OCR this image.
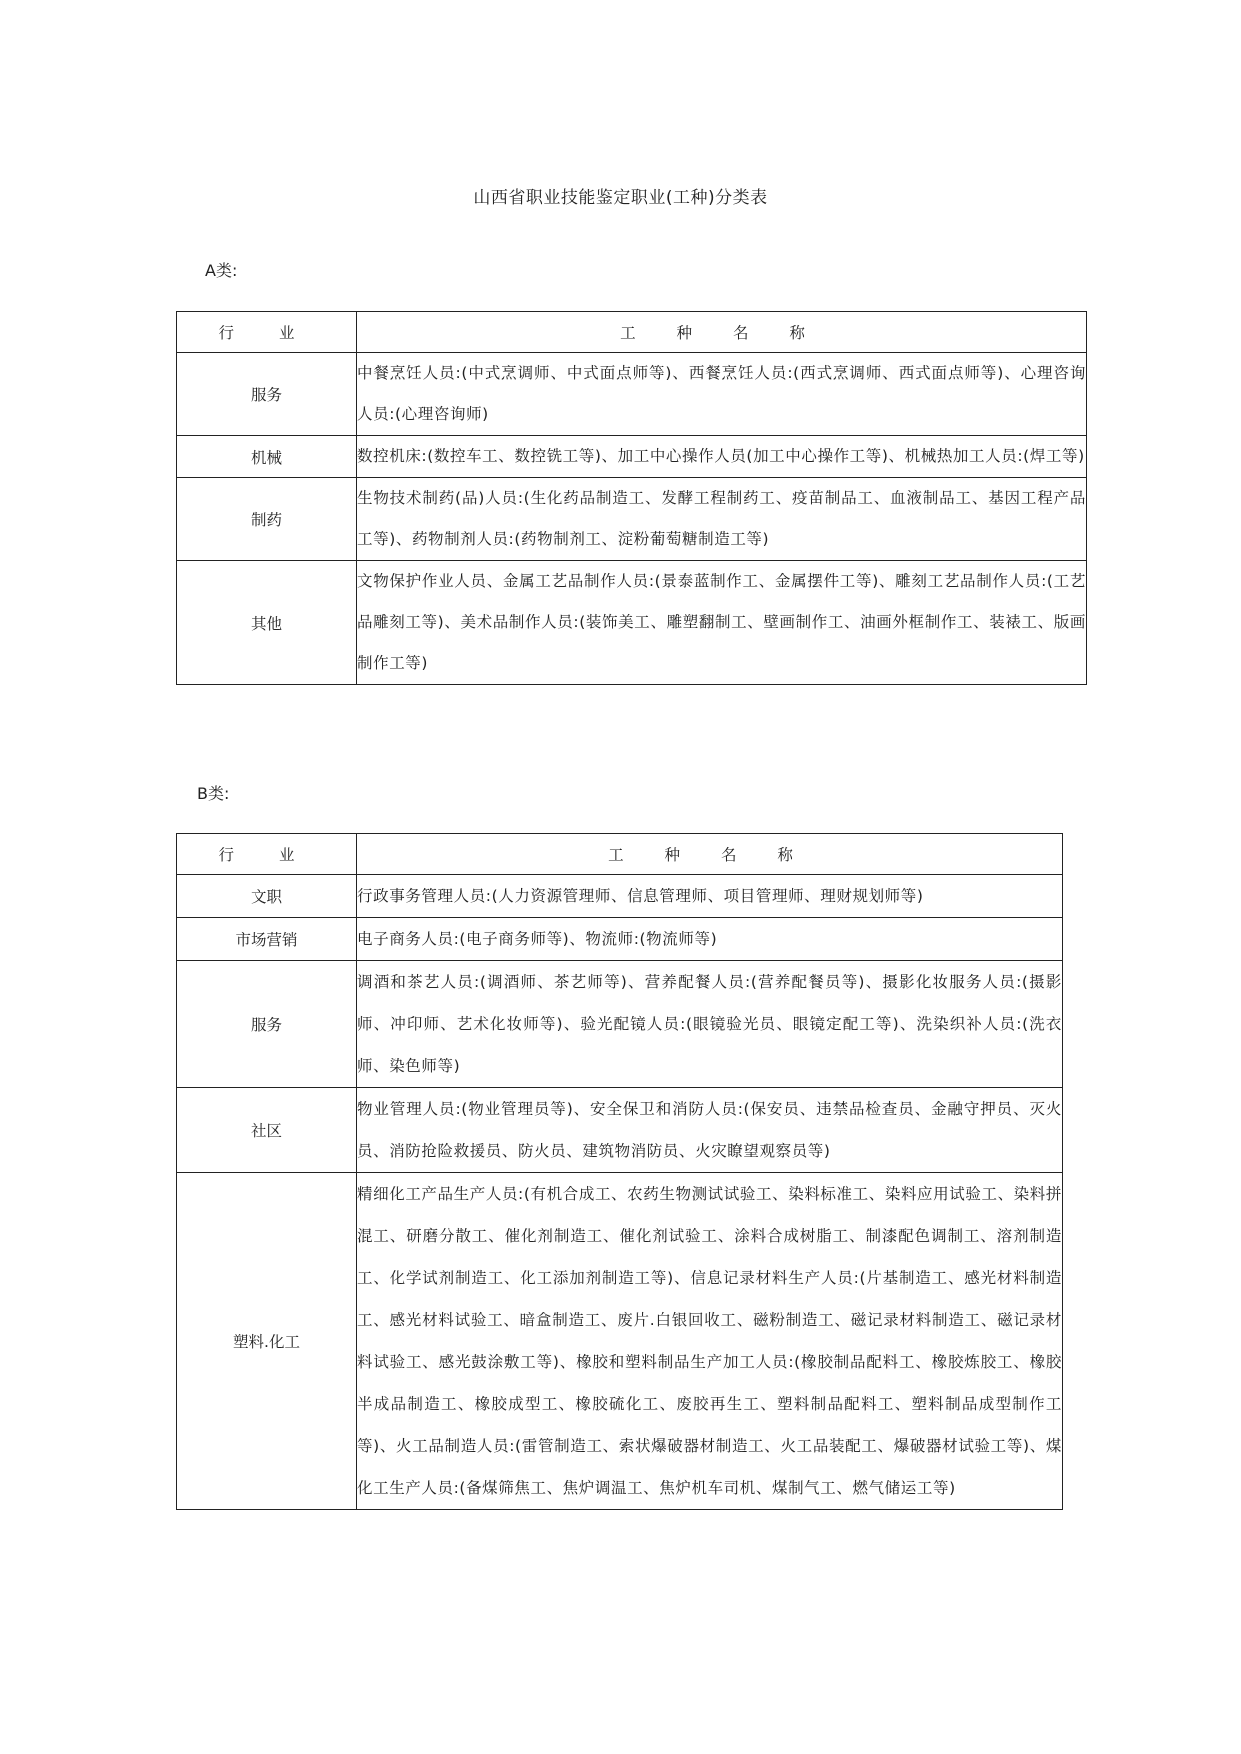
山西省职业技能鉴定职业(工种)分类表
A类:
行 业	工 种 名 称
服务	中餐烹饪人员:(中式烹调师、中式面点师等)、西餐烹饪人员:(西式烹调师、西式面点师等)、心理咨询人员:(心理咨询师)
机械	数控机床:(数控车工、数控铣工等)、加工中心操作人员(加工中心操作工等)、机械热加工人员:(焊工等)
制药	生物技术制药(品)人员:(生化药品制造工、发酵工程制药工、疫苗制品工、血液制品工、基因工程产品工等)、药物制剂人员:(药物制剂工、淀粉葡萄糖制造工等)
其他	文物保护作业人员、金属工艺品制作人员:(景泰蓝制作工、金属摆件工等)、雕刻工艺品制作人员:(工艺品雕刻工等)、美术品制作人员:(装饰美工、雕塑翻制工、壁画制作工、油画外框制作工、装裱工、版画制作工等)
B类:
行 业	工 种 名 称
文职	行政事务管理人员:(人力资源管理师、信息管理师、项目管理师、理财规划师等)
市场营销	电子商务人员:(电子商务师等)、物流师:(物流师等)
服务	调酒和茶艺人员:(调酒师、茶艺师等)、营养配餐人员:(营养配餐员等)、摄影化妆服务人员:(摄影师、冲印师、艺术化妆师等)、验光配镜人员:(眼镜验光员、眼镜定配工等)、洗染织补人员:(洗衣师、染色师等)
社区	物业管理人员:(物业管理员等)、安全保卫和消防人员:(保安员、违禁品检查员、金融守押员、灭火员、消防抢险救援员、防火员、建筑物消防员、火灾瞭望观察员等)
塑料.化工	精细化工产品生产人员:(有机合成工、农药生物测试试验工、染料标准工、染料应用试验工、染料拼混工、研磨分散工、催化剂制造工、催化剂试验工、涂料合成树脂工、制漆配色调制工、溶剂制造工、化学试剂制造工、化工添加剂制造工等)、信息记录材料生产人员:(片基制造工、感光材料制造工、感光材料试验工、暗盒制造工、废片.白银回收工、磁粉制造工、磁记录材料制造工、磁记录材料试验工、感光鼓涂敷工等)、橡胶和塑料制品生产加工人员:(橡胶制品配料工、橡胶炼胶工、橡胶半成品制造工、橡胶成型工、橡胶硫化工、废胶再生工、塑料制品配料工、塑料制品成型制作工等)、火工品制造人员:(雷管制造工、索状爆破器材制造工、火工品装配工、爆破器材试验工等)、煤化工生产人员:(备煤筛焦工、焦炉调温工、焦炉机车司机、煤制气工、燃气储运工等)
